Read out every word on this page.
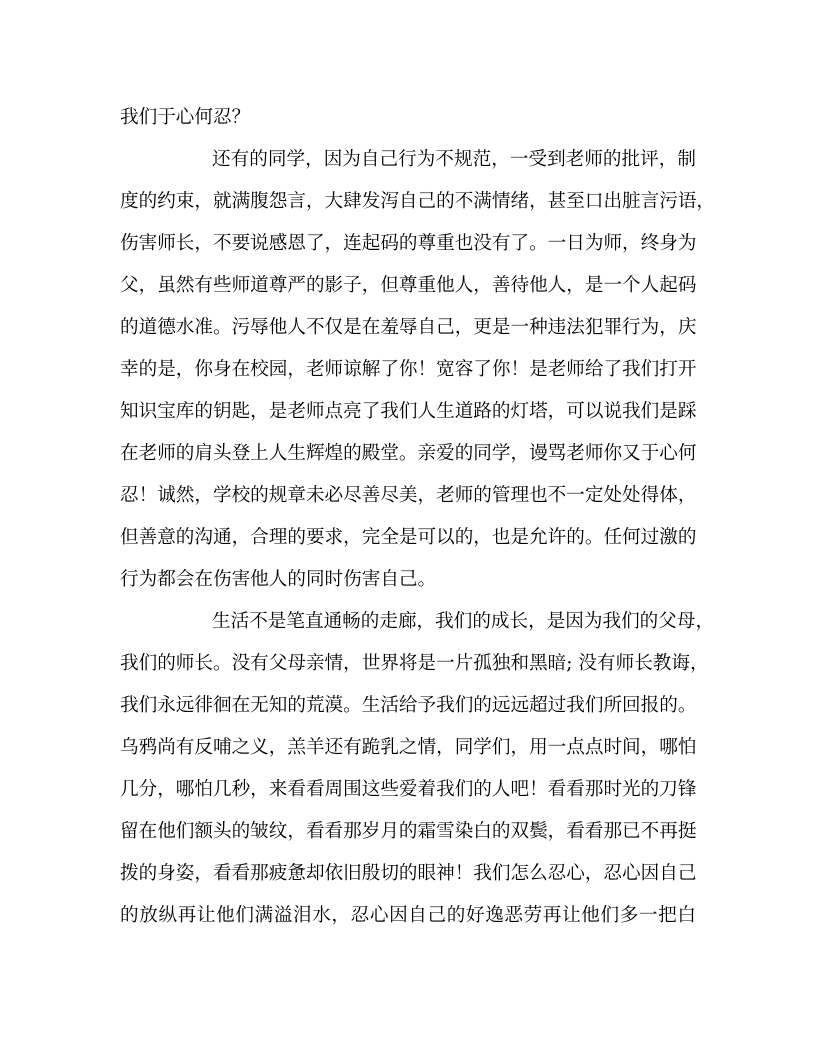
我们于心何忍？
还有的同学，因为自己行为不规范，一受到老师的批评，制
度的约束，就满腹怨言，大肆发泻自己的不满情绪，甚至口出脏言污语，
伤害师长，不要说感恩了，连起码的尊重也没有了。一日为师，终身为
父，虽然有些师道尊严的影子，但尊重他人，善待他人，是一个人起码
的道德水准。污辱他人不仅是在羞辱自己，更是一种违法犯罪行为，庆
幸的是，你身在校园，老师谅解了你！宽容了你！是老师给了我们打开
知识宝库的钥匙，是老师点亮了我们人生道路的灯塔，可以说我们是踩
在老师的肩头登上人生辉煌的殿堂。亲爱的同学，谩骂老师你又于心何
忍！诚然，学校的规章未必尽善尽美，老师的管理也不一定处处得体，
但善意的沟通，合理的要求，完全是可以的，也是允许的。任何过激的
行为都会在伤害他人的同时伤害自己。
生活不是笔直通畅的走廊，我们的成长，是因为我们的父母，
我们的师长。没有父母亲情，世界将是一片孤独和黑暗; 没有师长教诲，
我们永远徘徊在无知的荒漠。生活给予我们的远远超过我们所回报的。
乌鸦尚有反哺之义，羔羊还有跪乳之情，同学们，用一点点时间，哪怕
几分，哪怕几秒，来看看周围这些爱着我们的人吧！看看那时光的刀锋
留在他们额头的皱纹，看看那岁月的霜雪染白的双鬓，看看那已不再挺
拨的身姿，看看那疲惫却依旧殷切的眼神！我们怎么忍心，忍心因自己
的放纵再让他们满溢泪水，忍心因自己的好逸恶劳再让他们多一把白
